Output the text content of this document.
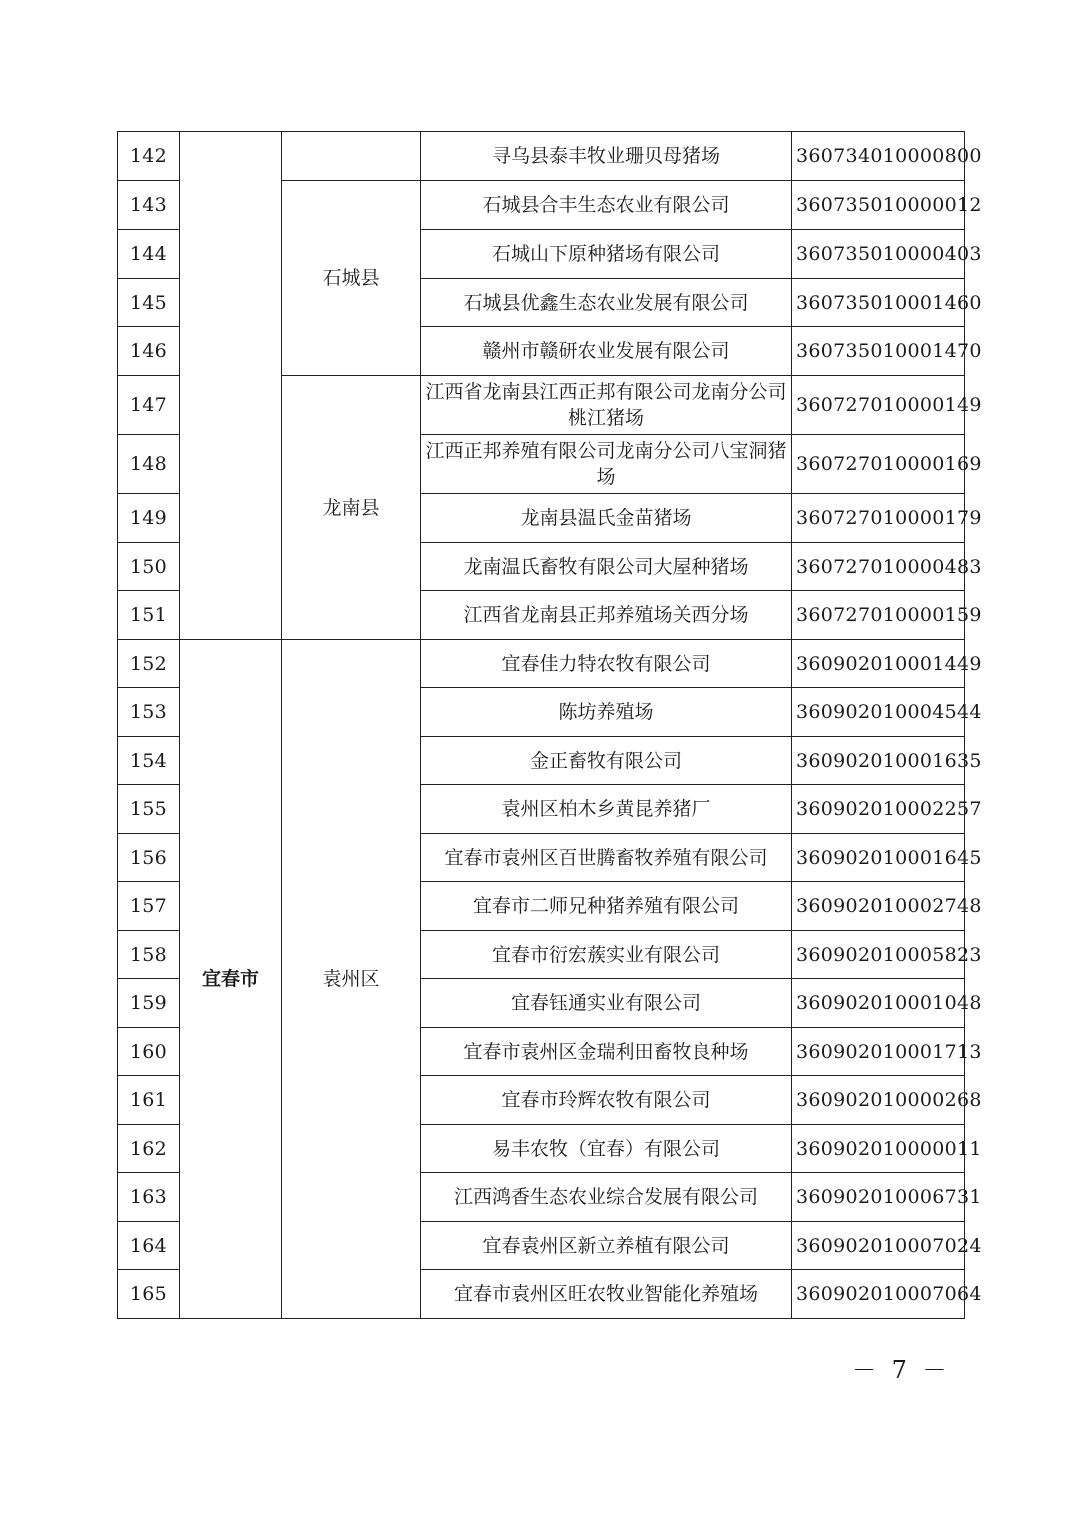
142			寻乌县泰丰牧业珊贝母猪场	360734010000800
143		石城县	石城县合丰生态农业有限公司	360735010000012
144			石城山下原种猪场有限公司	360735010000403
145			石城县优鑫生态农业发展有限公司	360735010001460
146			赣州市赣研农业发展有限公司	360735010001470
147		龙南县	江西省龙南县江西正邦有限公司龙南分公司桃江猪场	360727010000149
148			江西正邦养殖有限公司龙南分公司八宝洞猪场	360727010000169
149			龙南县温氏金苗猪场	360727010000179
150			龙南温氏畜牧有限公司大屋种猪场	360727010000483
151			江西省龙南县正邦养殖场关西分场	360727010000159
152	宜春市	袁州区	宜春佳力特农牧有限公司	360902010001449
153			陈坊养殖场	360902010004544
154			金正畜牧有限公司	360902010001635
155			袁州区柏木乡黄昆养猪厂	360902010002257
156			宜春市袁州区百世腾畜牧养殖有限公司	360902010001645
157			宜春市二师兄种猪养殖有限公司	360902010002748
158			宜春市衍宏蔟实业有限公司	360902010005823
159			宜春钰通实业有限公司	360902010001048
160			宜春市袁州区金瑞利田畜牧良种场	360902010001713
161			宜春市玲辉农牧有限公司	360902010000268
162			易丰农牧（宜春）有限公司	360902010000011
163			江西鸿香生态农业综合发展有限公司	360902010006731
164			宜春袁州区新立养植有限公司	360902010007024
165			宜春市袁州区旺农牧业智能化养殖场	360902010007064
－ 7 －
